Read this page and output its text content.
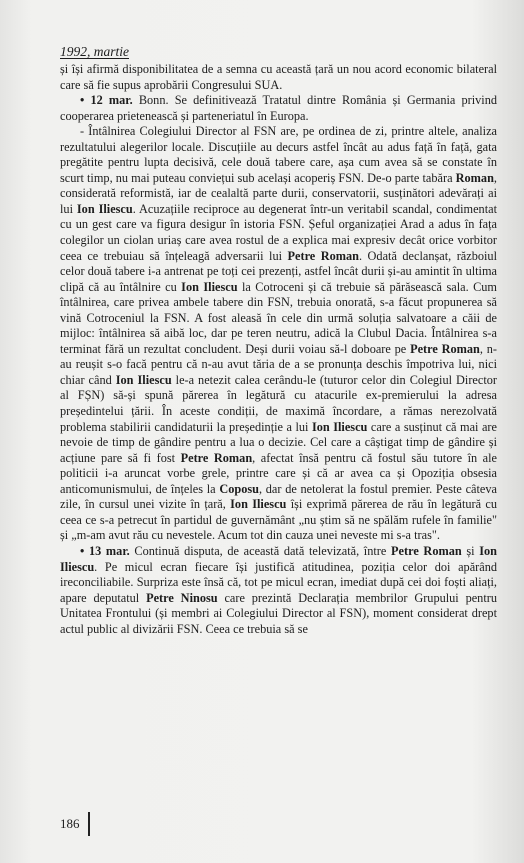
1992, martie

și își afirmă disponibilitatea de a semna cu această țară un nou acord economic bilateral care să fie supus aprobării Congresului SUA.

• 12 mar. Bonn. Se definitivează Tratatul dintre România și Germania privind cooperarea prietenească și parteneriatul în Europa.

- Întâlnirea Colegiului Director al FSN are, pe ordinea de zi, printre altele, analiza rezultatului alegerilor locale. Discuțiile au decurs astfel încât au adus față în față, gata pregătite pentru lupta decisivă, cele două tabere care, așa cum avea să se constate în scurt timp, nu mai puteau conviețui sub același acoperiș FSN. De-o parte tabăra Roman, considerată reformistă, iar de cealaltă parte durii, conservatorii, susținători adevărați ai lui Ion Iliescu. Acuzațiile reciproce au degenerat într-un veritabil scandal, condimentat cu un gest care va figura desigur în istoria FSN. Șeful organizației Arad a adus în fața colegilor un ciolan uriaș care avea rostul de a explica mai expresiv decât orice vorbitor ceea ce trebuiau să înțeleagă adversarii lui Petre Roman. Odată declanșat, războiul celor două tabere i-a antrenat pe toți cei prezenți, astfel încât durii și-au amintit în ultima clipă că au întâlnire cu Ion Iliescu la Cotroceni și că trebuie să părăsească sala. Cum întâlnirea, care privea ambele tabere din FSN, trebuia onorată, s-a făcut propunerea să vină Cotroceniul la FSN. A fost aleasă în cele din urmă soluția salvatoare a căii de mijloc: întâlnirea să aibă loc, dar pe teren neutru, adică la Clubul Dacia. Întâlnirea s-a terminat fără un rezultat concludent. Deși durii voiau să-l doboare pe Petre Roman, n-au reușit s-o facă pentru că n-au avut tăria de a se pronunța deschis împotriva lui, nici chiar când Ion Iliescu le-a netezit calea cerându-le (tuturor celor din Colegiul Director al FȘN) să-și spună părerea în legătură cu atacurile ex-premierului la adresa președintelui țării. În aceste condiții, de maximă încordare, a rămas nerezolvată problema stabilirii candidaturii la președinție a lui Ion Iliescu care a susținut că mai are nevoie de timp de gândire pentru a lua o decizie. Cel care a câștigat timp de gândire și acțiune pare să fi fost Petre Roman, afectat însă pentru că fostul său tutore în ale politicii i-a aruncat vorbe grele, printre care și că ar avea ca și Opoziția obsesia anticomunismului, de înțeles la Coposu, dar de netolerat la fostul premier. Peste câteva zile, în cursul unei vizite în țară, Ion Iliescu își exprimă părerea de rău în legătură cu ceea ce s-a petrecut în partidul de guvernământ „nu știm să ne spălăm rufele în familie" și „m-am avut rău cu nevestele. Acum tot din cauza unei neveste mi s-a tras".

• 13 mar. Continuă disputa, de această dată televizată, între Petre Roman și Ion Iliescu. Pe micul ecran fiecare își justifică atitudinea, poziția celor doi apărând ireconciliabile. Surpriza este însă că, tot pe micul ecran, imediat după cei doi foști aliați, apare deputatul Petre Ninosu care prezintă Declarația membrilor Grupului pentru Unitatea Frontului (și membri ai Colegiului Director al FSN), moment considerat drept actul public al divizării FSN. Ceea ce trebuia să se

186
